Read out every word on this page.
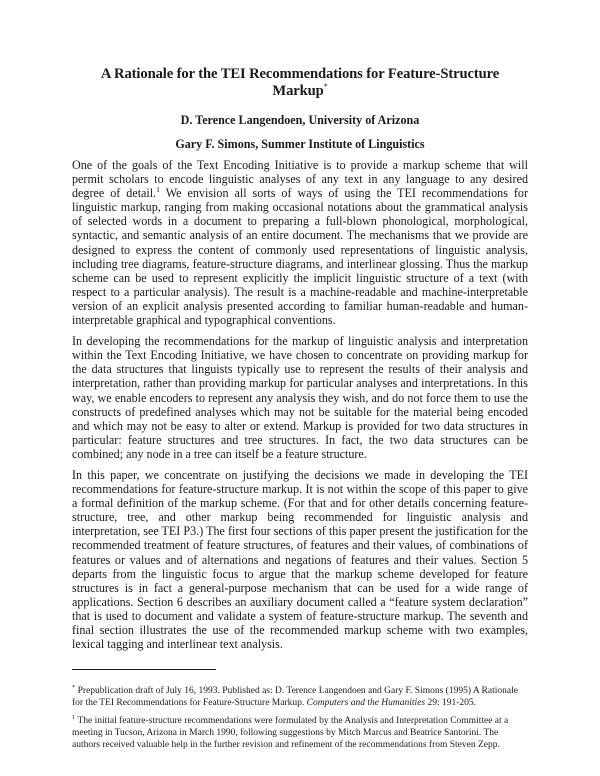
A Rationale for the TEI Recommendations for Feature-Structure Markup*

D. Terence Langendoen, University of Arizona

Gary F. Simons, Summer Institute of Linguistics

One of the goals of the Text Encoding Initiative is to provide a markup scheme that will permit scholars to encode linguistic analyses of any text in any language to any desired degree of detail.$^1$ We envision all sorts of ways of using the TEI recommendations for linguistic markup, ranging from making occasional notations about the grammatical analysis of selected words in a document to preparing a full-blown phonological, morphological, syntactic, and semantic analysis of an entire document. The mechanisms that we provide are designed to express the content of commonly used representations of linguistic analysis, including tree diagrams, feature-structure diagrams, and interlinear glossing. Thus the markup scheme can be used to represent explicitly the implicit linguistic structure of a text (with respect to a particular analysis). The result is a machine-readable and machine-interpretable version of an explicit analysis presented according to familiar human-readable and human-interpretable graphical and typographical conventions.

In developing the recommendations for the markup of linguistic analysis and interpretation within the Text Encoding Initiative, we have chosen to concentrate on providing markup for the data structures that linguists typically use to represent the results of their analysis and interpretation, rather than providing markup for particular analyses and interpretations. In this way, we enable encoders to represent any analysis they wish, and do not force them to use the constructs of predefined analyses which may not be suitable for the material being encoded and which may not be easy to alter or extend. Markup is provided for two data structures in particular: feature structures and tree structures. In fact, the two data structures can be combined; any node in a tree can itself be a feature structure.

In this paper, we concentrate on justifying the decisions we made in developing the TEI recommendations for feature-structure markup. It is not within the scope of this paper to give a formal definition of the markup scheme. (For that and for other details concerning feature-structure, tree, and other markup being recommended for linguistic analysis and interpretation, see TEI P3.) The first four sections of this paper present the justification for the recommended treatment of feature structures, of features and their values, of combinations of features or values and of alternations and negations of features and their values. Section 5 departs from the linguistic focus to argue that the markup scheme developed for feature structures is in fact a general-purpose mechanism that can be used for a wide range of applications. Section 6 describes an auxiliary document called a “feature system declaration” that is used to document and validate a system of feature-structure markup. The seventh and final section illustrates the use of the recommended markup scheme with two examples, lexical tagging and interlinear text analysis.

* Prepublication draft of July 16, 1993. Published as: D. Terence Langendoen and Gary F. Simons (1995) A Rationale for the TEI Recommendations for Feature-Structure Markup. Computers and the Humanities 29: 191-205.

$^1$ The initial feature-structure recommendations were formulated by the Analysis and Interpretation Committee at a meeting in Tucson, Arizona in March 1990, following suggestions by Mitch Marcus and Beatrice Santorini. The authors received valuable help in the further revision and refinement of the recommendations from Steven Zepp.
